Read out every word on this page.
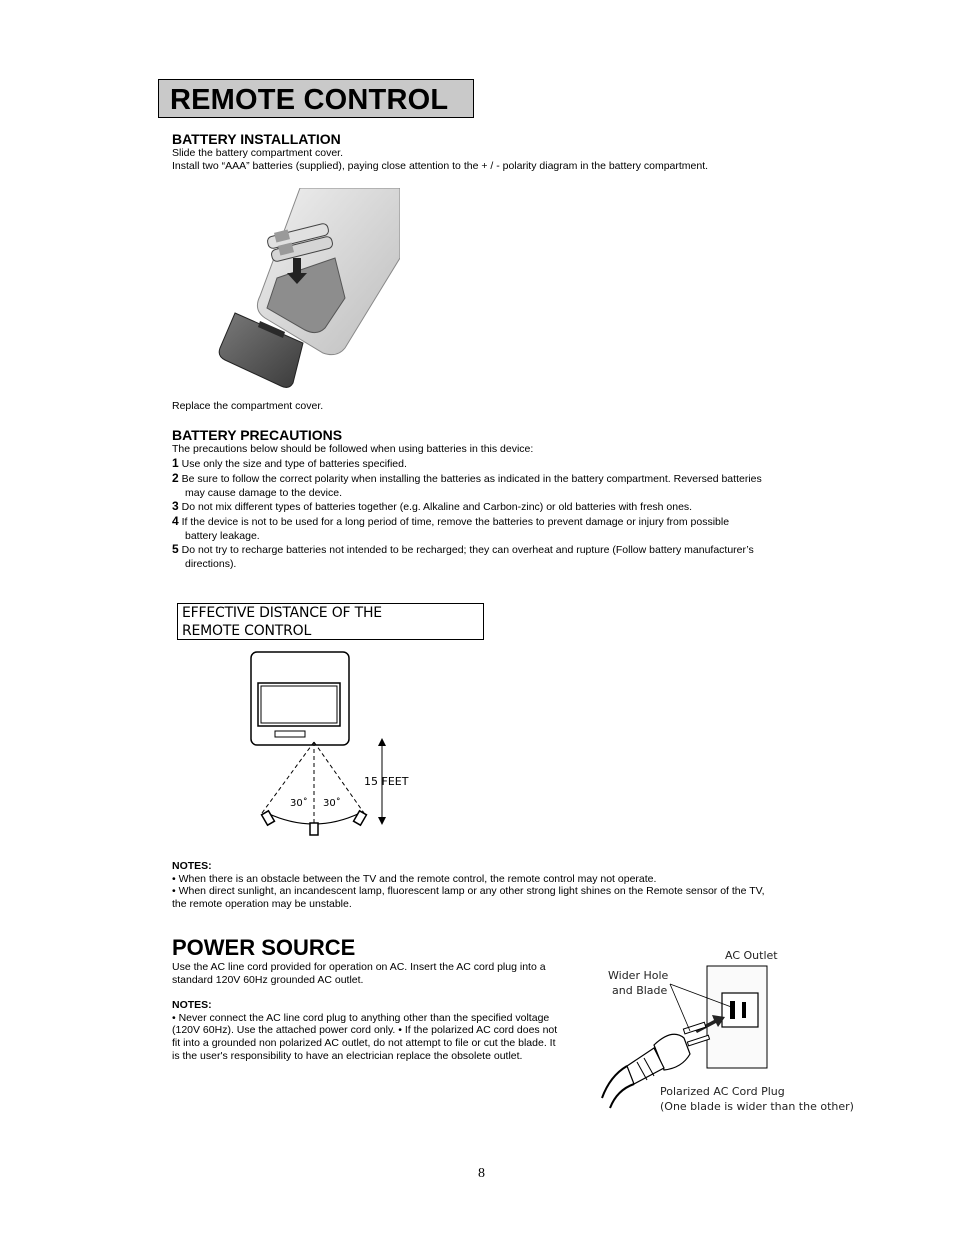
REMOTE CONTROL
BATTERY INSTALLATION
Slide the battery compartment cover.
Install two “AAA” batteries (supplied), paying close attention to the + / - polarity diagram in the battery compartment.
Replace the compartment cover.
BATTERY PRECAUTIONS
The precautions below should be followed when using batteries in this device:
1 Use only the size and type of batteries specified.
2 Be sure to follow the correct polarity when installing the batteries as indicated in the battery compartment. Reversed batteries
may cause damage to the device.
3 Do not mix different types of batteries together (e.g. Alkaline and Carbon-zinc) or old batteries with fresh ones.
4 If the device is not to be used for a long period of time, remove the batteries to prevent damage or injury from possible
battery leakage.
5 Do not try to recharge batteries not intended to be recharged; they can overheat and rupture (Follow battery manufacturer’s
directions).
EFFECTIVE DISTANCE OF THE
REMOTE CONTROL
15 FEET
30˚ 30˚
NOTES:
• When there is an obstacle between the TV and the remote control, the remote control may not operate.
• When direct sunlight, an incandescent lamp, fluorescent lamp or any other strong light shines on the Remote sensor of the TV,
the remote operation may be unstable.
POWER SOURCE
Use the AC line cord provided for operation on AC. Insert the AC cord plug into a
standard 120V 60Hz grounded AC outlet.
NOTES:
• Never connect the AC line cord plug to anything other than the specified voltage
(120V 60Hz). Use the attached power cord only. • If the polarized AC cord does not
fit into a grounded non polarized AC outlet, do not attempt to file or cut the blade. It
is the user's responsibility to have an electrician replace the obsolete outlet.
AC Outlet
Wider Hole
and Blade
Polarized AC Cord Plug
(One blade is wider than the other)
8
